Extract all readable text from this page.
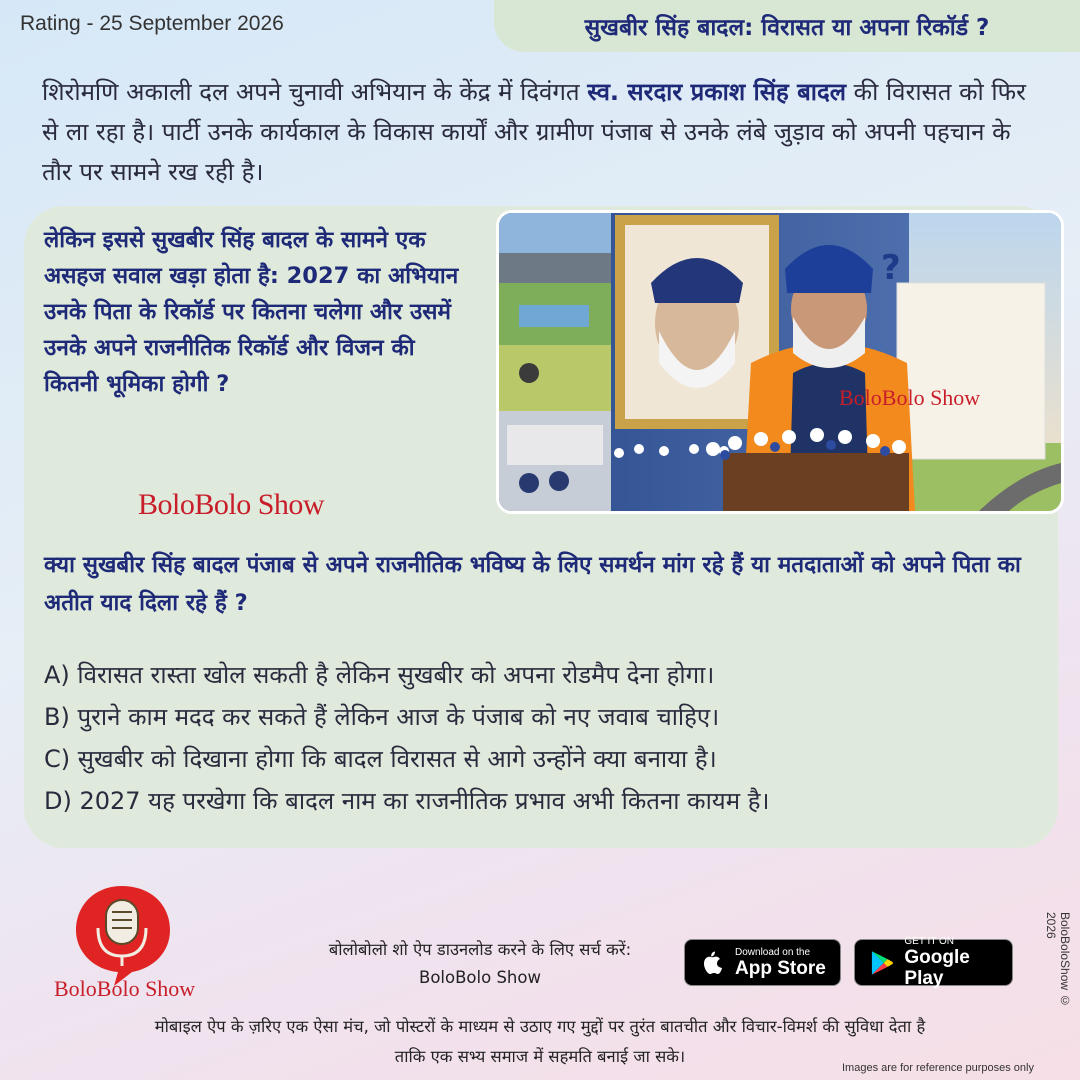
Rating - 25 September 2026	सुखबीर सिंह बादल: विरासत या अपना रिकॉर्ड ?

शिरोमणि अकाली दल अपने चुनावी अभियान के केंद्र में दिवंगत स्व. सरदार प्रकाश सिंह बादल की विरासत को फिर से ला रहा है। पार्टी उनके कार्यकाल के विकास कार्यों और ग्रामीण पंजाब से उनके लंबे जुड़ाव को अपनी पहचान के तौर पर सामने रख रही है।

लेकिन इससे सुखबीर सिंह बादल के सामने एक असहज सवाल खड़ा होता है: 2027 का अभियान उनके पिता के रिकॉर्ड पर कितना चलेगा और उसमें उनके अपने राजनीतिक रिकॉर्ड और विजन की कितनी भूमिका होगी ?

BoloBolo Show
?
BoloBolo Show

क्या सुखबीर सिंह बादल पंजाब से अपने राजनीतिक भविष्य के लिए समर्थन मांग रहे हैं या मतदाताओं को अपने पिता का अतीत याद दिला रहे हैं ?

A) विरासत रास्ता खोल सकती है लेकिन सुखबीर को अपना रोडमैप देना होगा।
B) पुराने काम मदद कर सकते हैं लेकिन आज के पंजाब को नए जवाब चाहिए।
C) सुखबीर को दिखाना होगा कि बादल विरासत से आगे उन्होंने क्या बनाया है।
D) 2027 यह परखेगा कि बादल नाम का राजनीतिक प्रभाव अभी कितना कायम है।
BoloBolo Show
बोलोबोलो शो ऐप डाउनलोड करने के लिए सर्च करें:
BoloBolo Show
Download on the
App Store
GET IT ON
Google Play
मोबाइल ऐप के ज़रिए एक ऐसा मंच, जो पोस्टरों के माध्यम से उठाए गए मुद्दों पर तुरंत बातचीत और विचार-विमर्श की सुविधा देता है
ताकि एक सभ्य समाज में सहमति बनाई जा सके।
BoloBoloShow © 2026
Images are for reference purposes only
